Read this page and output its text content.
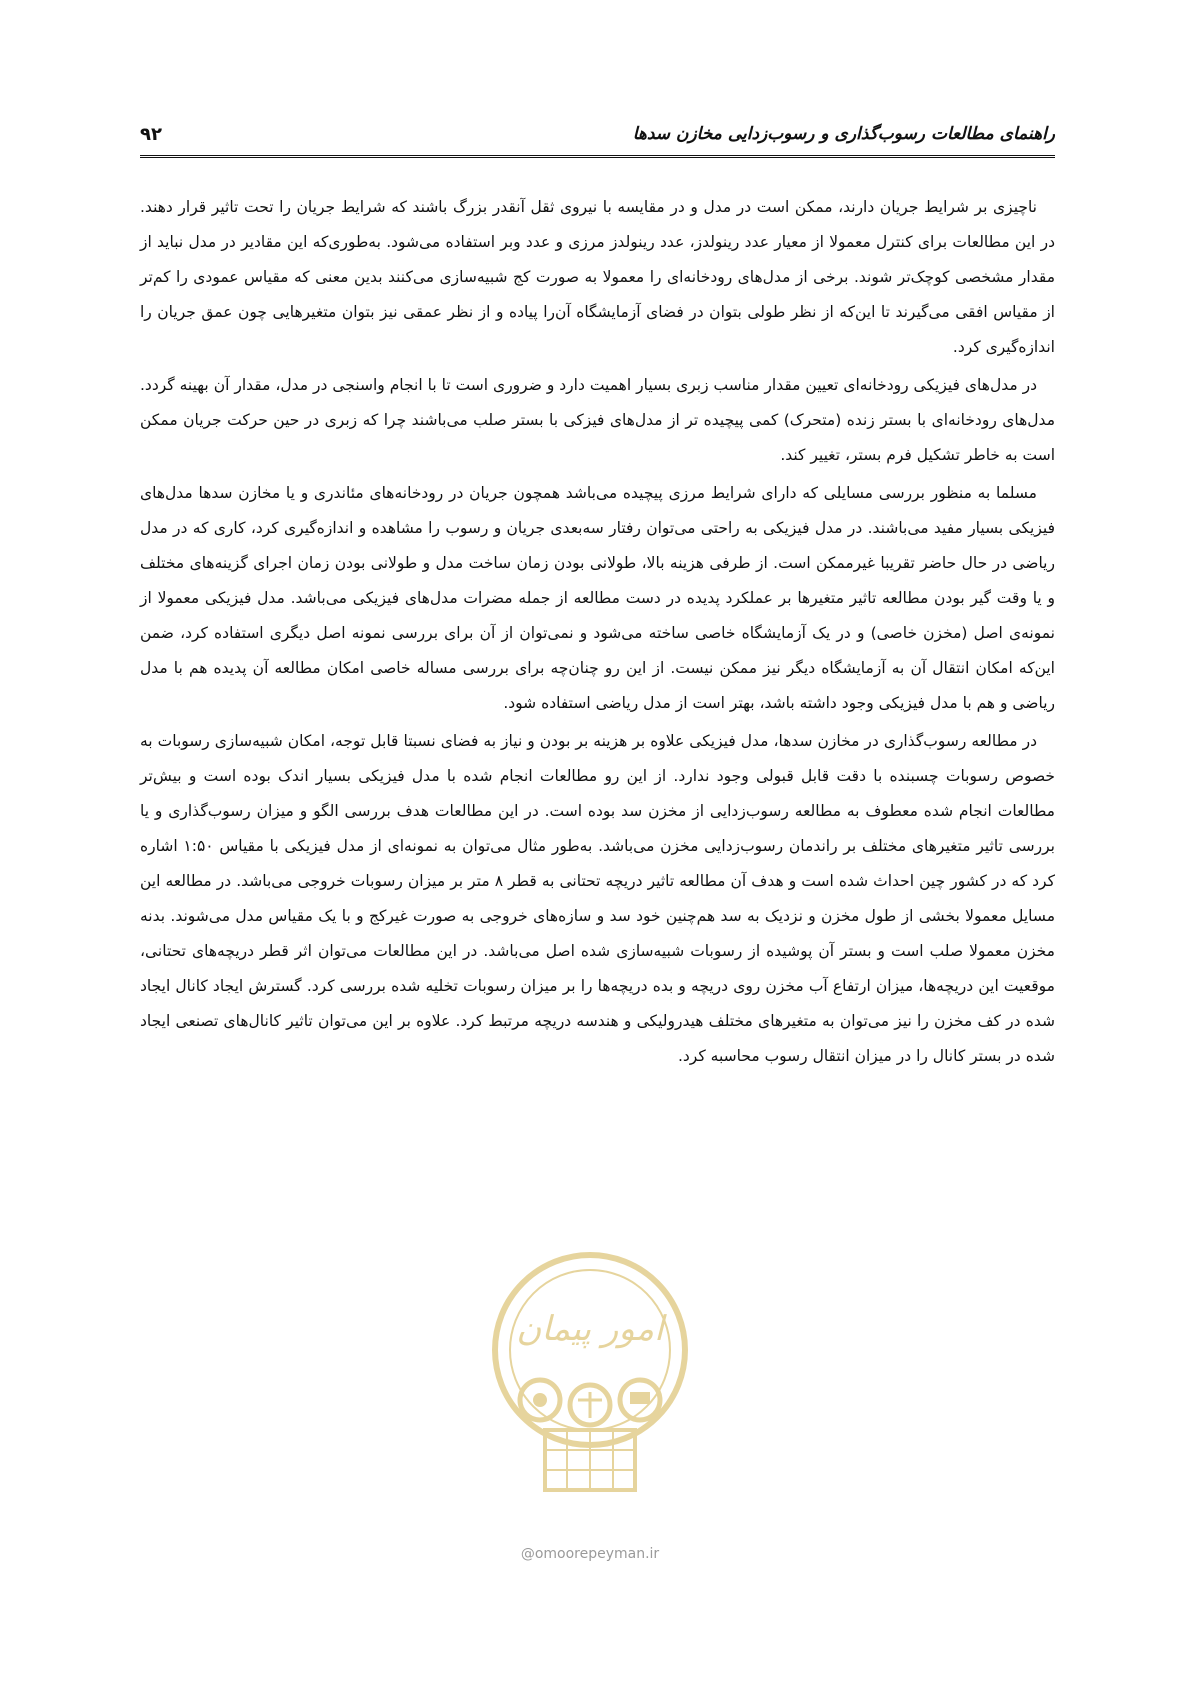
راهنمای مطالعات رسوب‌گذاری و رسوب‌زدایی مخازن سدها
۹۲

ناچیزی بر شرایط جریان دارند، ممکن است در مدل و در مقایسه با نیروی ثقل آنقدر بزرگ باشند که شرایط جریان را تحت تاثیر قرار دهند. در این مطالعات برای کنترل معمولا از معیار عدد رینولدز، عدد رینولدز مرزی و عدد وبر استفاده می‌شود. به‌طوری‌که این مقادیر در مدل نباید از مقدار مشخصی کوچک‌تر شوند. برخی از مدل‌های رودخانه‌ای را معمولا به صورت کج شبیه‌سازی می‌کنند بدین معنی که مقیاس عمودی را کم‌تر از مقیاس افقی می‌گیرند تا این‌که از نظر طولی بتوان در فضای آزمایشگاه آن‌را پیاده و از نظر عمقی نیز بتوان متغیرهایی چون عمق جریان را اندازه‌گیری کرد.

در مدل‌های فیزیکی رودخانه‌ای تعیین مقدار مناسب زبری بسیار اهمیت دارد و ضروری است تا با انجام واسنجی در مدل، مقدار آن بهینه گردد. مدل‌های رودخانه‌ای با بستر زنده (متحرک) کمی پیچیده تر از مدل‌های فیزکی با بستر صلب می‌باشند چرا که زبری در حین حرکت جریان ممکن است به خاطر تشکیل فرم بستر، تغییر کند.

مسلما به منظور بررسی مسایلی که دارای شرایط مرزی پیچیده می‌باشد همچون جریان در رودخانه‌های مئاندری و یا مخازن سدها مدل‌های فیزیکی بسیار مفید می‌باشند. در مدل فیزیکی به راحتی می‌توان رفتار سه‌بعدی جریان و رسوب را مشاهده و اندازه‌گیری کرد، کاری که در مدل ریاضی در حال حاضر تقریبا غیرممکن است. از طرفی هزینه بالا، طولانی بودن زمان ساخت مدل و طولانی بودن زمان اجرای گزینه‌های مختلف و یا وقت گیر بودن مطالعه تاثیر متغیرها بر عملکرد پدیده در دست مطالعه از جمله مضرات مدل‌های فیزیکی می‌باشد. مدل فیزیکی معمولا از نمونه‌ی اصل (مخزن خاصی) و در یک آزمایشگاه خاصی ساخته می‌شود و نمی‌توان از آن برای بررسی نمونه اصل دیگری استفاده کرد، ضمن این‌که امکان انتقال آن به آزمایشگاه دیگر نیز ممکن نیست. از این رو چنان‌چه برای بررسی مساله خاصی امکان مطالعه آن پدیده هم با مدل ریاضی و هم با مدل فیزیکی وجود داشته باشد، بهتر است از مدل ریاضی استفاده شود.

در مطالعه رسوب‌گذاری در مخازن سدها، مدل فیزیکی علاوه بر هزینه بر بودن و نیاز به فضای نسبتا قابل توجه، امکان شبیه‌سازی رسوبات به خصوص رسوبات چسبنده با دقت قابل قبولی وجود ندارد. از این رو مطالعات انجام شده با مدل فیزیکی بسیار اندک بوده است و بیش‌تر مطالعات انجام شده معطوف به مطالعه رسوب‌زدایی از مخزن سد بوده است. در این مطالعات هدف بررسی الگو و میزان رسوب‌گذاری و یا بررسی تاثیر متغیرهای مختلف بر راندمان رسوب‌زدایی مخزن می‌باشد. به‌طور مثال می‌توان به نمونه‌ای از مدل فیزیکی با مقیاس ۱:۵۰ اشاره کرد که در کشور چین احداث شده است و هدف آن مطالعه تاثیر دریچه تحتانی به قطر ۸ متر بر میزان رسوبات خروجی می‌باشد. در مطالعه این مسایل معمولا بخشی از طول مخزن و نزدیک به سد هم‌چنین خود سد و سازه‌های خروجی به صورت غیرکج و با یک مقیاس مدل می‌شوند. بدنه مخزن معمولا صلب است و بستر آن پوشیده از رسوبات شبیه‌سازی شده اصل می‌باشد. در این مطالعات می‌توان اثر قطر دریچه‌های تحتانی، موقعیت این دریچه‌ها، میزان ارتفاع آب مخزن روی دریچه و بده دریچه‌ها را بر میزان رسوبات تخلیه شده بررسی کرد. گسترش ایجاد کانال ایجاد شده در کف مخزن را نیز می‌توان به متغیرهای مختلف هیدرولیکی و هندسه دریچه مرتبط کرد. علاوه بر این می‌توان تاثیر کانال‌های تصنعی ایجاد شده در بستر کانال را در میزان انتقال رسوب محاسبه کرد.

امور پیمان
@omoorepeyman.ir
